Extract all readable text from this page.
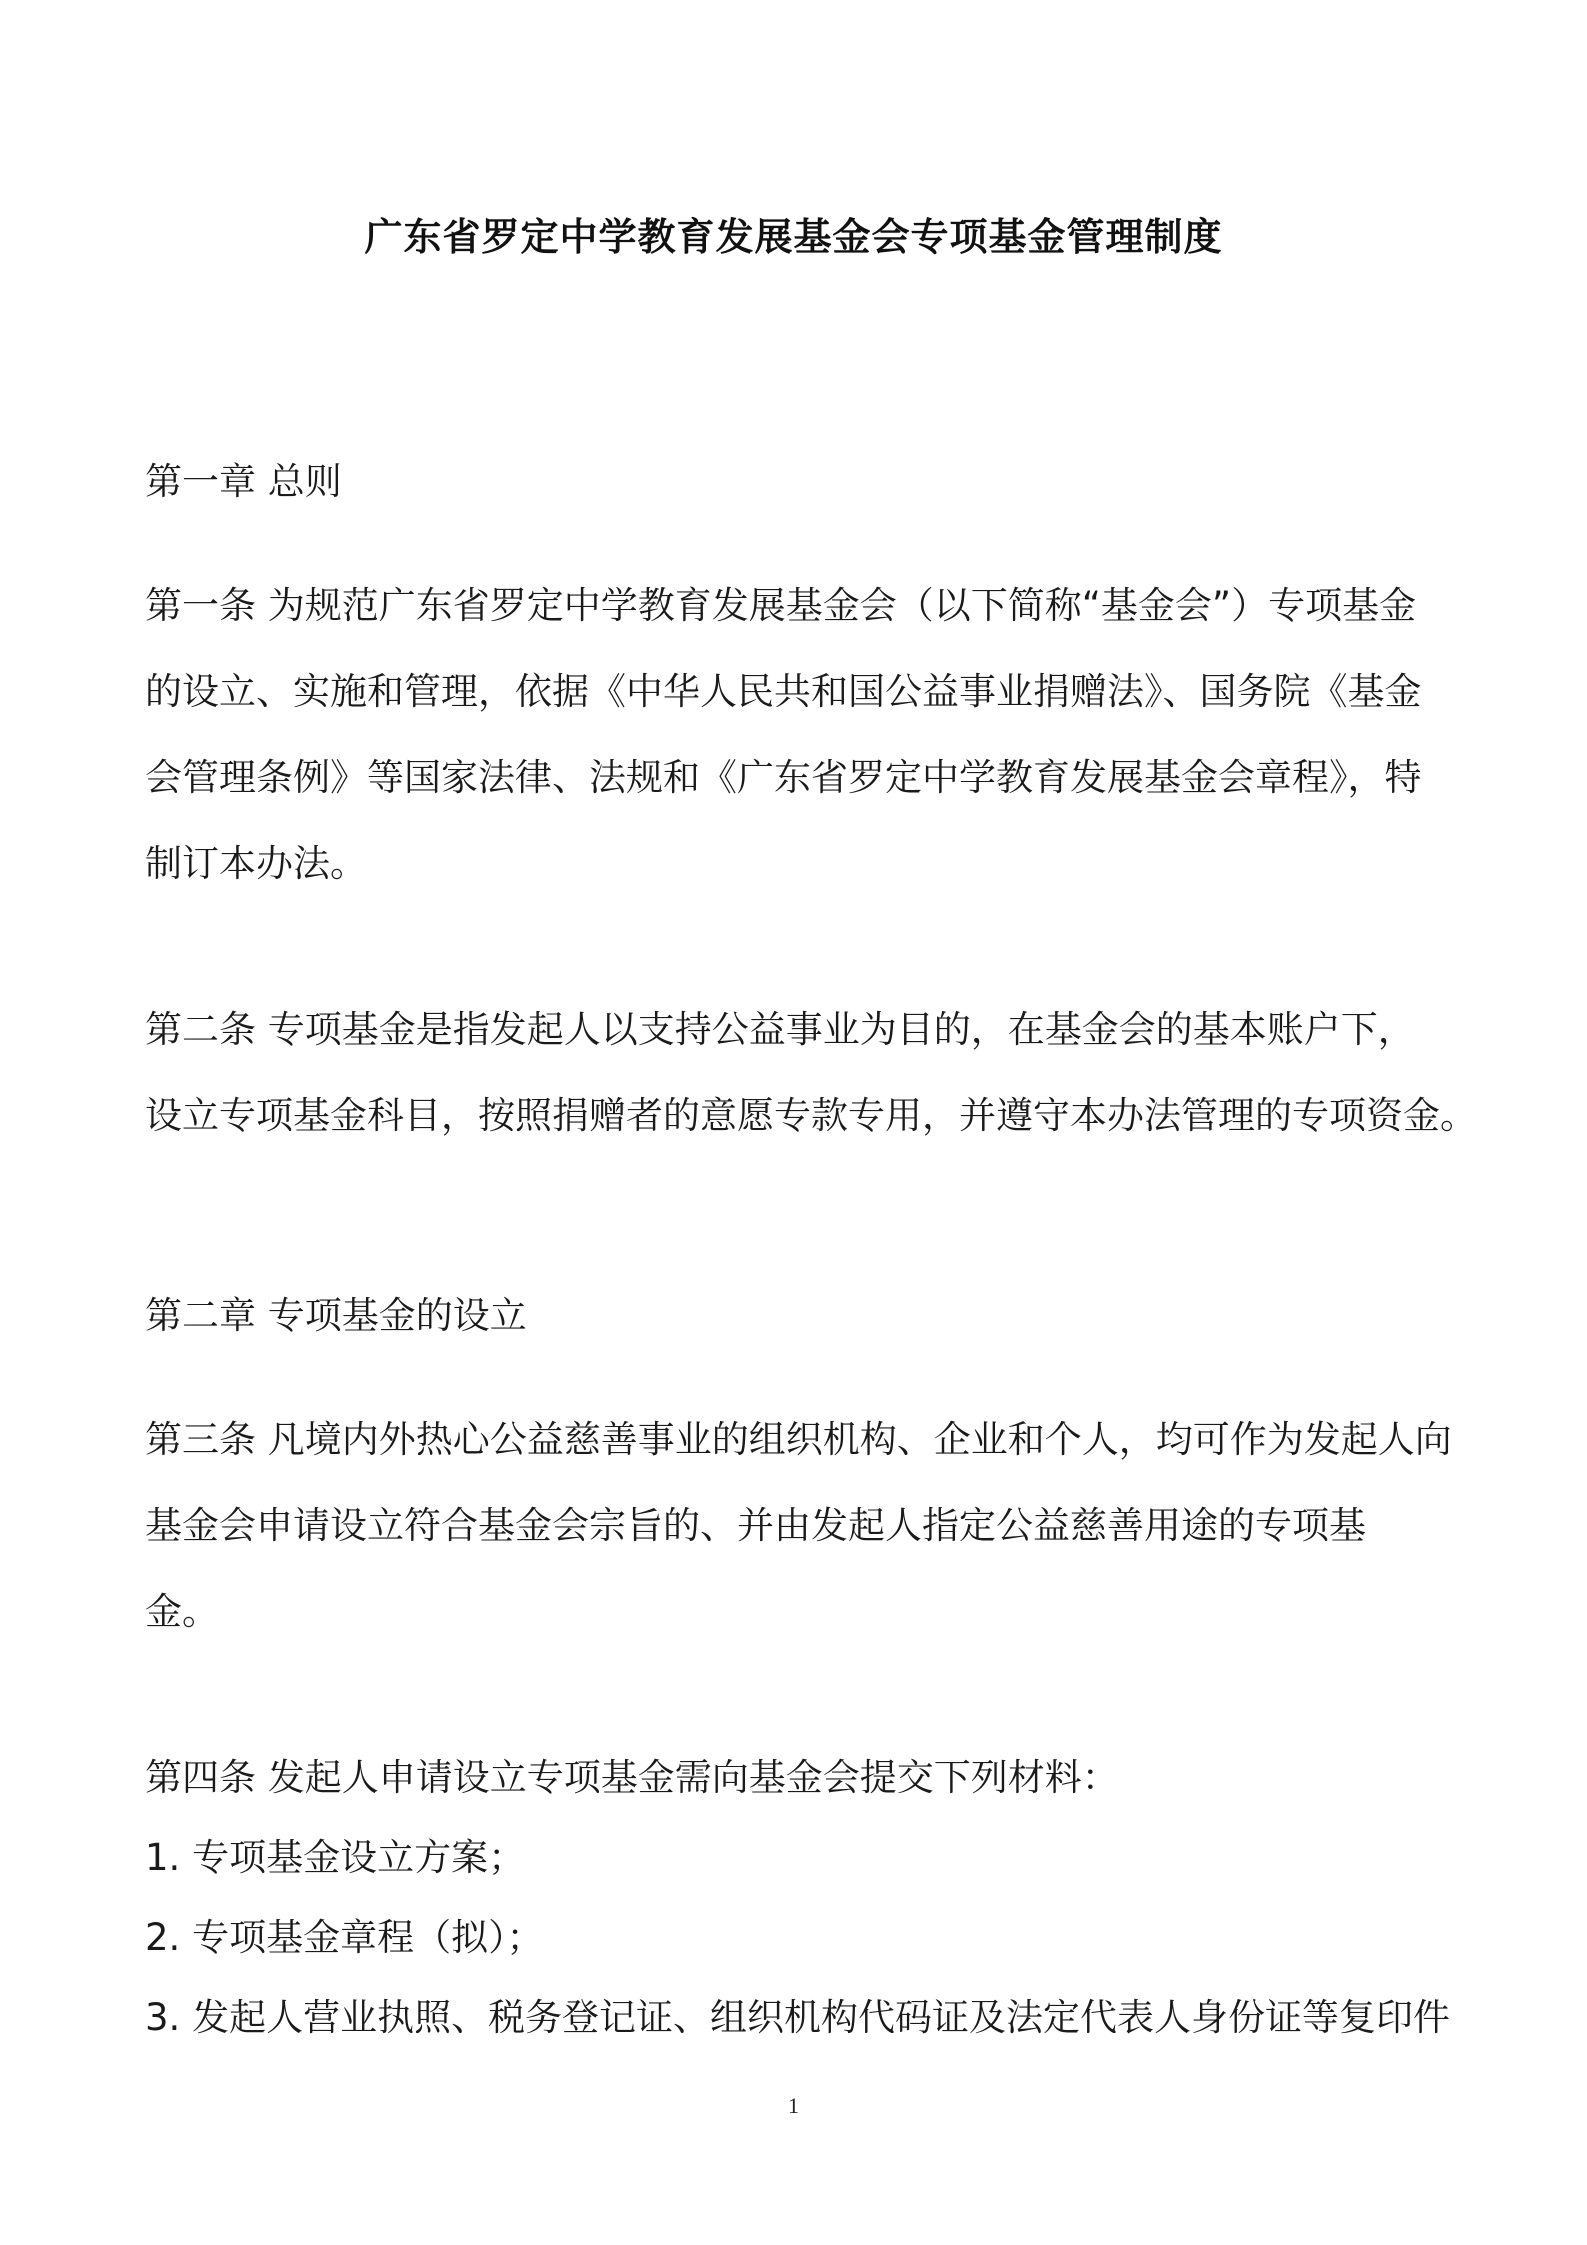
广东省罗定中学教育发展基金会专项基金管理制度
第一章 总则
第一条 为规范广东省罗定中学教育发展基金会（以下简称“基金会”）专项基金
的设立、实施和管理，依据《中华人民共和国公益事业捐赠法》、国务院《基金
会管理条例》等国家法律、法规和《广东省罗定中学教育发展基金会章程》，特
制订本办法。
第二条 专项基金是指发起人以支持公益事业为目的，在基金会的基本账户下，
设立专项基金科目，按照捐赠者的意愿专款专用，并遵守本办法管理的专项资金。
第二章 专项基金的设立
第三条 凡境内外热心公益慈善事业的组织机构、企业和个人，均可作为发起人向
基金会申请设立符合基金会宗旨的、并由发起人指定公益慈善用途的专项基
金。
第四条 发起人申请设立专项基金需向基金会提交下列材料：
1. 专项基金设立方案；
2. 专项基金章程（拟）；
3. 发起人营业执照、税务登记证、组织机构代码证及法定代表人身份证等复印件
1
